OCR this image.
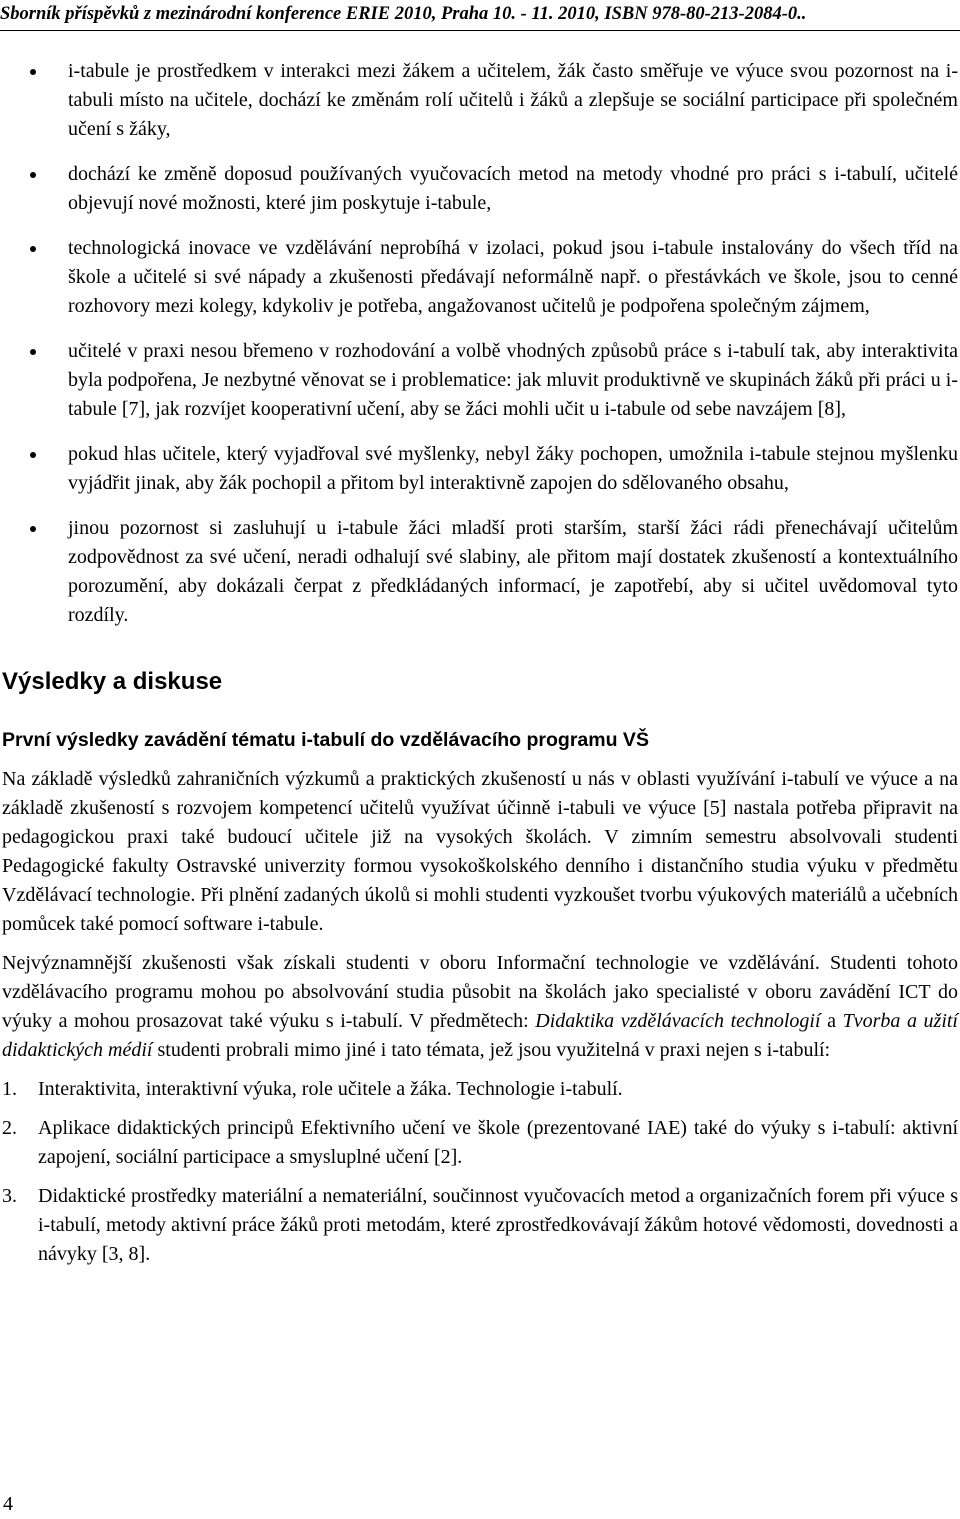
Sborník příspěvků z mezinárodní konference ERIE 2010, Praha 10. - 11. 2010, ISBN 978-80-213-2084-0..
i-tabule je prostředkem v interakci mezi žákem a učitelem, žák často směřuje ve výuce svou pozornost na i-tabuli místo na učitele, dochází ke změnám rolí učitelů i žáků a zlepšuje se sociální participace při společném učení s žáky,
dochází ke změně doposud používaných vyučovacích metod na metody vhodné pro práci s i-tabulí, učitelé objevují nové možnosti, které jim poskytuje i-tabule,
technologická inovace ve vzdělávání neprobíhá v izolaci, pokud jsou i-tabule instalovány do všech tříd na škole a učitelé si své nápady a zkušenosti předávají neformálně např. o přestávkách ve škole, jsou to cenné rozhovory mezi kolegy, kdykoliv je potřeba, angažovanost učitelů je podpořena společným zájmem,
učitelé v praxi nesou břemeno v rozhodování a volbě vhodných způsobů práce s i-tabulí tak, aby interaktivita byla podpořena, Je nezbytné věnovat se i problematice: jak mluvit produktivně ve skupinách žáků při práci u i-tabule [7], jak rozvíjet kooperativní učení, aby se žáci mohli učit u i-tabule od sebe navzájem [8],
pokud hlas učitele, který vyjadřoval své myšlenky, nebyl žáky pochopen, umožnila i-tabule stejnou myšlenku vyjádřit jinak, aby žák pochopil a přitom byl interaktivně zapojen do sdělovaného obsahu,
jinou pozornost si zasluhují u i-tabule žáci mladší proti starším, starší žáci rádi přenechávají učitelům zodpovědnost za své učení, neradi odhalují své slabiny, ale přitom mají dostatek zkušeností a kontextuálního porozumění, aby dokázali čerpat z předkládaných informací, je zapotřebí, aby si učitel uvědomoval tyto rozdíly.
Výsledky a diskuse
První výsledky zavádění tématu i-tabulí do vzdělávacího programu VŠ

Na základě výsledků zahraničních výzkumů a praktických zkušeností u nás v oblasti využívání i-tabulí ve výuce a na základě zkušeností s rozvojem kompetencí učitelů využívat účinně i-tabuli ve výuce [5] nastala potřeba připravit na pedagogickou praxi také budoucí učitele již na vysokých školách. V zimním semestru absolvovali studenti Pedagogické fakulty Ostravské univerzity formou vysokoškolského denního i distančního studia výuku v předmětu Vzdělávací technologie. Při plnění zadaných úkolů si mohli studenti vyzkoušet tvorbu výukových materiálů a učebních pomůcek také pomocí software i-tabule.

Nejvýznamnější zkušenosti však získali studenti v oboru Informační technologie ve vzdělávání. Studenti tohoto vzdělávacího programu mohou po absolvování studia působit na školách jako specialisté v oboru zavádění ICT do výuky a mohou prosazovat také výuku s i-tabulí. V předmětech: Didaktika vzdělávacích technologií a Tvorba a užití didaktických médií studenti probrali mimo jiné i tato témata, jež jsou využitelná v praxi nejen s i-tabulí:

1. Interaktivita, interaktivní výuka, role učitele a žáka. Technologie i-tabulí.
2. Aplikace didaktických principů Efektivního učení ve škole (prezentované IAE) také do výuky s i-tabulí: aktivní zapojení, sociální participace a smysluplné učení [2].
3. Didaktické prostředky materiální a nemateriální, součinnost vyučovacích metod a organizačních forem při výuce s i-tabulí, metody aktivní práce žáků proti metodám, které zprostředkovávají žákům hotové vědomosti, dovednosti a návyky [3, 8].
4
